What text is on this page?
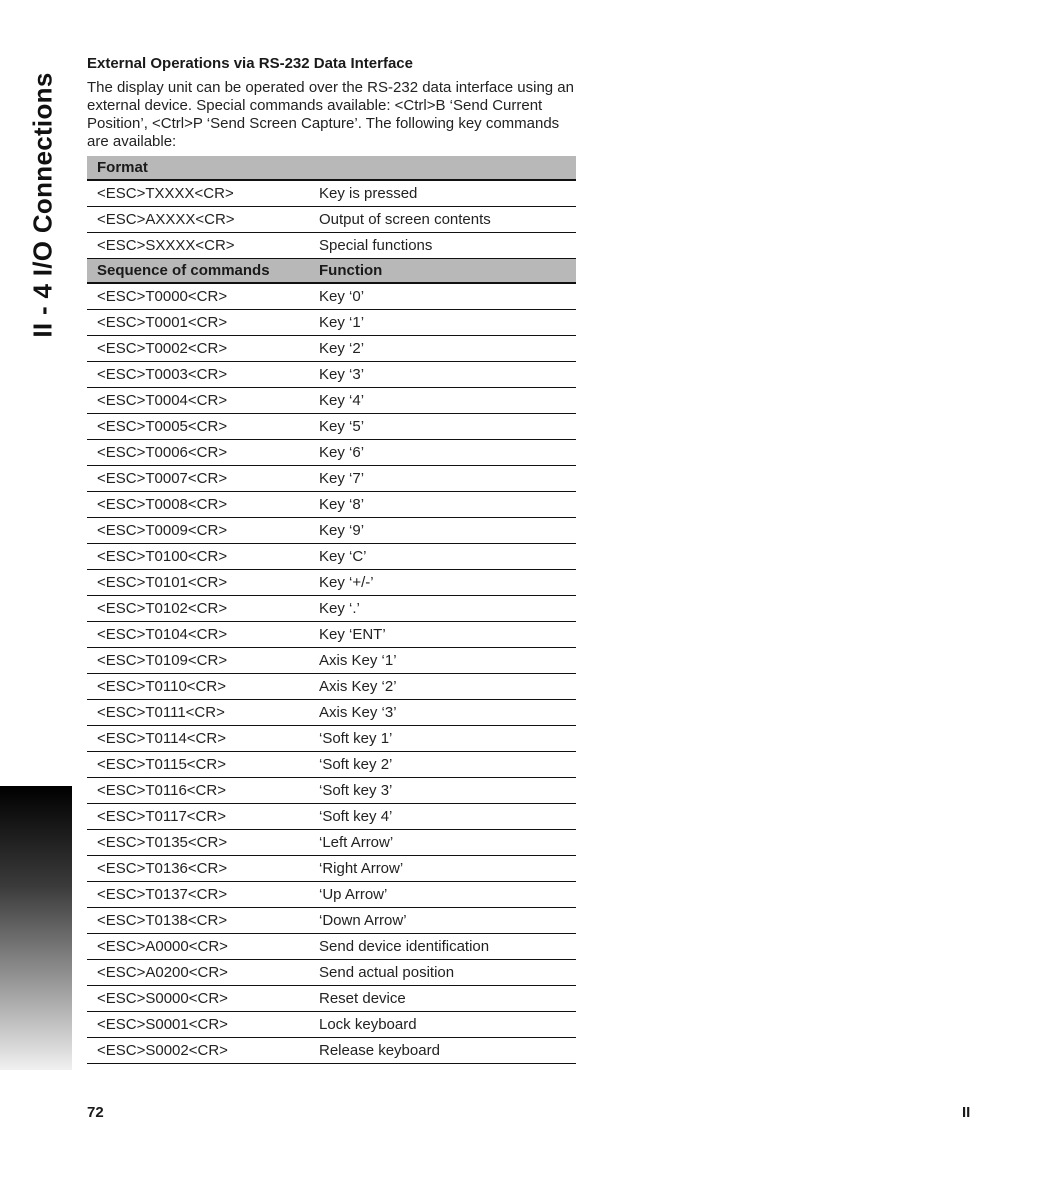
II - 4 I/O Connections
External Operations via RS-232 Data Interface
The display unit can be operated over the RS-232 data interface using an external device. Special commands available: <Ctrl>B ‘Send Current Position’, <Ctrl>P ‘Send Screen Capture’. The following key commands are available:
Format	
<ESC>TXXXX<CR>	Key is pressed
<ESC>AXXXX<CR>	Output of screen contents
<ESC>SXXXX<CR>	Special functions
Sequence of commands	Function
<ESC>T0000<CR>	Key ‘0’
<ESC>T0001<CR>	Key ‘1’
<ESC>T0002<CR>	Key ‘2’
<ESC>T0003<CR>	Key ‘3’
<ESC>T0004<CR>	Key ‘4’
<ESC>T0005<CR>	Key ‘5’
<ESC>T0006<CR>	Key ‘6’
<ESC>T0007<CR>	Key ‘7’
<ESC>T0008<CR>	Key ‘8’
<ESC>T0009<CR>	Key ‘9’
<ESC>T0100<CR>	Key ‘C’
<ESC>T0101<CR>	Key ‘+/-’
<ESC>T0102<CR>	Key ‘.’
<ESC>T0104<CR>	Key ‘ENT’
<ESC>T0109<CR>	Axis Key ‘1’
<ESC>T0110<CR>	Axis Key ‘2’
<ESC>T0111<CR>	Axis Key ‘3’
<ESC>T0114<CR>	‘Soft key 1’
<ESC>T0115<CR>	‘Soft key 2’
<ESC>T0116<CR>	‘Soft key 3’
<ESC>T0117<CR>	‘Soft key 4’
<ESC>T0135<CR>	‘Left Arrow’
<ESC>T0136<CR>	‘Right Arrow’
<ESC>T0137<CR>	‘Up Arrow’
<ESC>T0138<CR>	‘Down Arrow’
<ESC>A0000<CR>	Send device identification
<ESC>A0200<CR>	Send actual position
<ESC>S0000<CR>	Reset device
<ESC>S0001<CR>	Lock keyboard
<ESC>S0002<CR>	Release keyboard
72	II
